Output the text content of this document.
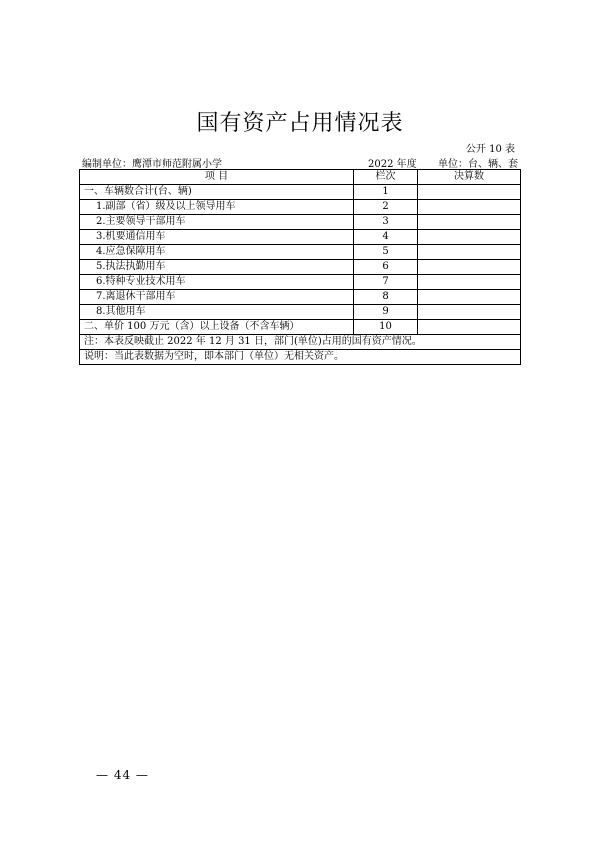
国有资产占用情况表
公开 10 表
编制单位：鹰潭市师范附属小学	2022 年度 单位：台、辆、套
项 目	栏次	决算数
一、车辆数合计(台、辆)	1	
1.副部（省）级及以上领导用车	2	
2.主要领导干部用车	3	
3.机要通信用车	4	
4.应急保障用车	5	
5.执法执勤用车	6	
6.特种专业技术用车	7	
7.离退休干部用车	8	
8.其他用车	9	
二、单价 100 万元（含）以上设备（不含车辆）	10	
注：本表反映截止 2022 年 12 月 31 日，部门(单位)占用的国有资产情况。		
说明：当此表数据为空时，即本部门（单位）无相关资产。		
— 44 —
